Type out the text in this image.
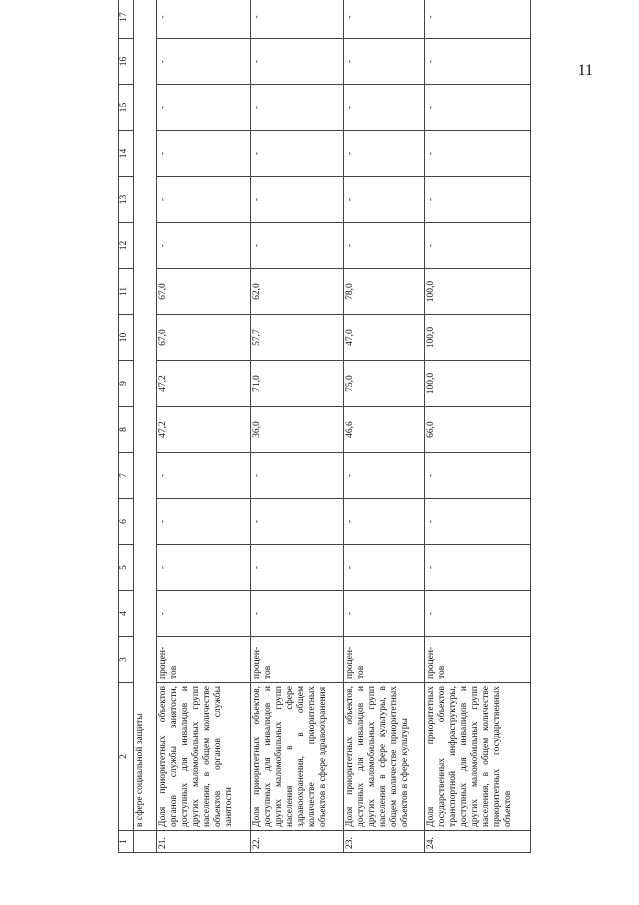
11
1	2	3	4	5	6	7	8	9	10	11	12	13	14	15	16	17
	в сфере социальной защиты															
21.	Доля приоритетных объектов органов службы занятости, доступных для инвалидов и других маломобильных групп населения, в общем количестве объектов органов службы занятости	процен-тов	-	-	-	-	47,2	47,2	67,0	67,0	-	-	-	-	-	-
22.	Доля приоритетных объектов, доступных для инвалидов и других маломобильных групп населения в сфере здравоохранения, в общем количестве приоритетных объектов в сфере здравоохранения	процен-тов	-	-	-	-	36,0	71,0	57,7	62,0	-	-	-	-	-	-
23.	Доля приоритетных объектов, доступных для инвалидов и других маломобильных групп населения в сфере культуры, в общем количестве приоритетных объектов в сфере культуры	процен-тов	-	-	-	-	46,6	75,0	47,0	78,0	-	-	-	-	-	-
24.	Доля приоритетных государственных объектов транспортной инфраструктуры, доступных для инвалидов и других маломобильных групп населения, в общем количестве приоритетных государственных объектов	процен-тов	-	-	-	-	66,0	100,0	100,0	100,0	-	-	-	-	-	-
